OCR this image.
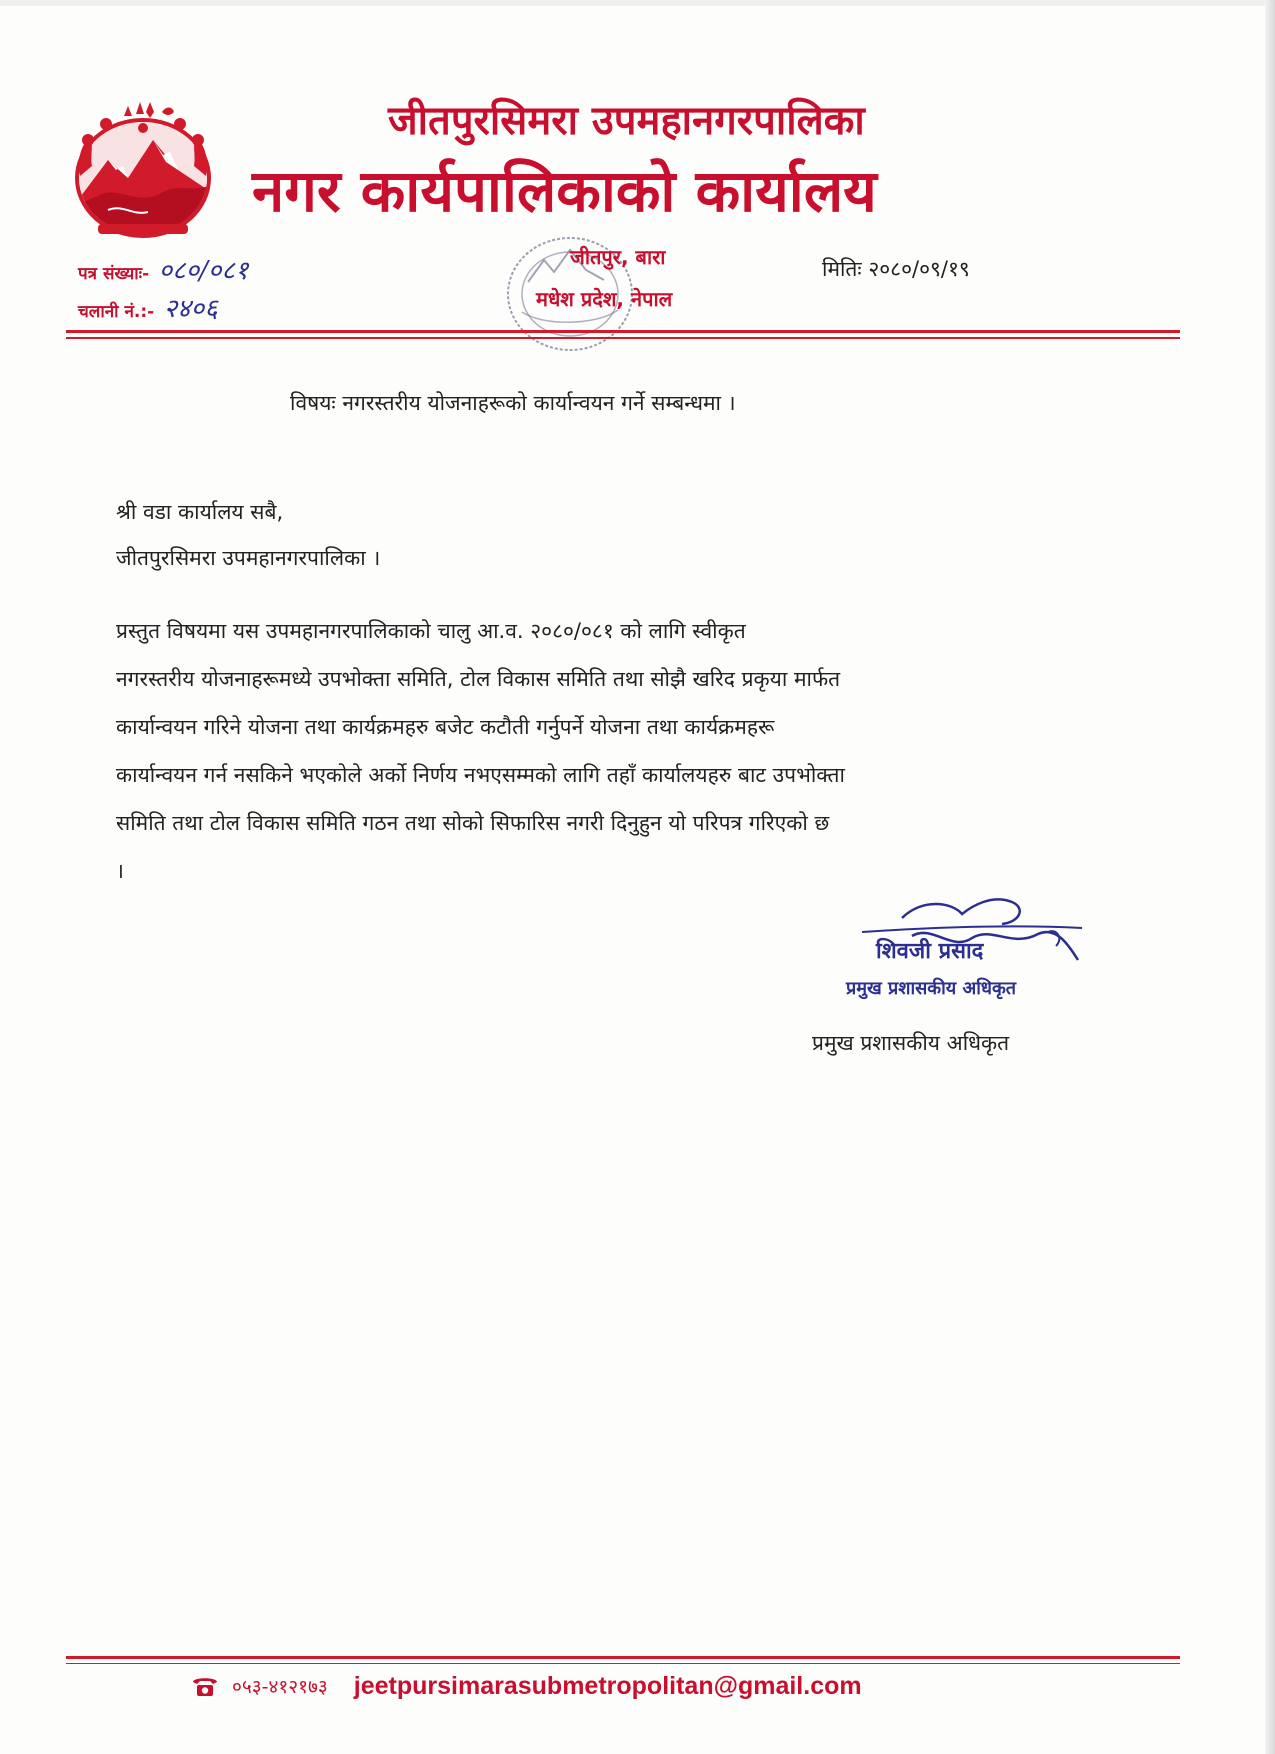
जीतपुरसिमरा उपमहानगरपालिका
नगर कार्यपालिकाको कार्यालय
पत्र संख्याः- ०८०/०८१
चलानी नं.:- २४०६
मितिः २०८०/०९/१९
जीतपुर, बारा
मधेश प्रदेश, नेपाल
विषयः नगरस्तरीय योजनाहरूको कार्यान्वयन गर्ने सम्बन्धमा ।
श्री वडा कार्यालय सबै,
जीतपुरसिमरा उपमहानगरपालिका ।
प्रस्तुत विषयमा यस उपमहानगरपालिकाको चालु आ.व. २०८०/०८१ को लागि स्वीकृत
नगरस्तरीय योजनाहरूमध्ये उपभोक्ता समिति, टोल विकास समिति तथा सोझै खरिद प्रकृया मार्फत
कार्यान्वयन गरिने योजना तथा कार्यक्रमहरु बजेट कटौती गर्नुपर्ने योजना तथा कार्यक्रमहरू
कार्यान्वयन गर्न नसकिने भएकोले अर्को निर्णय नभएसम्मको लागि तहाँ कार्यालयहरु बाट उपभोक्ता
समिति तथा टोल विकास समिति गठन तथा सोको सिफारिस नगरी दिनुहुन यो परिपत्र गरिएको छ
।
शिवजी प्रसाद
प्रमुख प्रशासकीय अधिकृत
प्रमुख प्रशासकीय अधिकृत
०५३-४१२१७३ jeetpursimarasubmetropolitan@gmail.com
